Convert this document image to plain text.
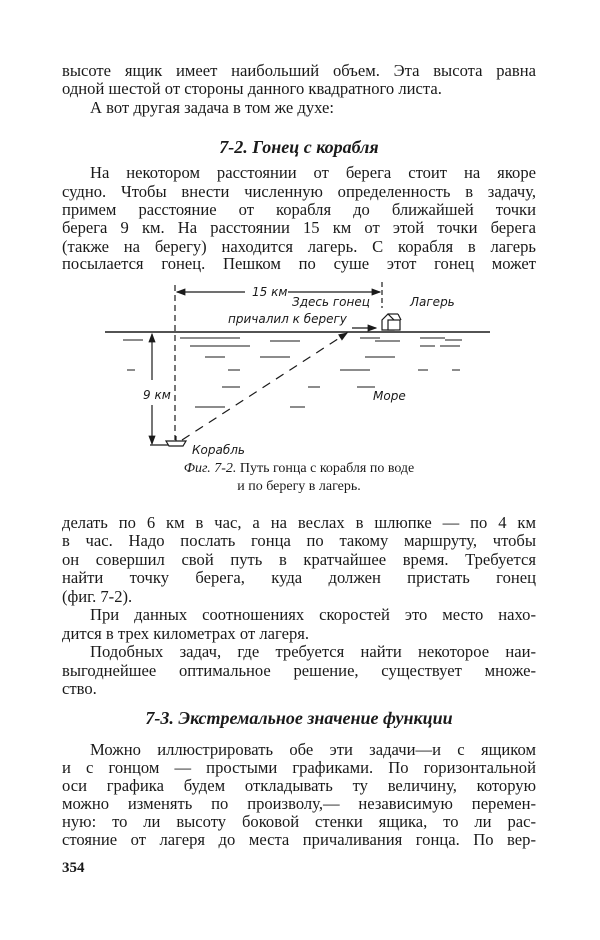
высоте ящик имеет наибольший объем. Эта высота равна
одной шестой от стороны данного квадратного листа.
А вот другая задача в том же духе:
7-2. Гонец с корабля
На некотором расстоянии от берега стоит на якоре
судно. Чтобы внести численную определенность в задачу,
примем расстояние от корабля до ближайшей точки
берега 9 км. На расстоянии 15 км от этой точки берега
(также на берегу) находится лагерь. С корабля в лагерь
посылается гонец. Пешком по суше этот гонец может
15 км
Здесь гонец
причалил к берегу
Лагерь
9 км	Море
Корабль
Фиг. 7-2. Путь гонца с корабля по воде
и по берегу в лагерь.
делать по 6 км в час, а на веслах в шлюпке — по 4 км
в час. Надо послать гонца по такому маршруту, чтобы
он совершил свой путь в кратчайшее время. Требуется
найти точку берега, куда должен пристать гонец
(фиг. 7-2).
При данных соотношениях скоростей это место нахо-
дится в трех километрах от лагеря.
Подобных задач, где требуется найти некоторое наи-
выгоднейшее оптимальное решение, существует множе-
ство.
7-3. Экстремальное значение функции
Можно иллюстрировать обе эти задачи—и с ящиком
и с гонцом — простыми графиками. По горизонтальной
оси графика будем откладывать ту величину, которую
можно изменять по произволу,— независимую перемен-
ную: то ли высоту боковой стенки ящика, то ли рас-
стояние от лагеря до места причаливания гонца. По вер-
354
